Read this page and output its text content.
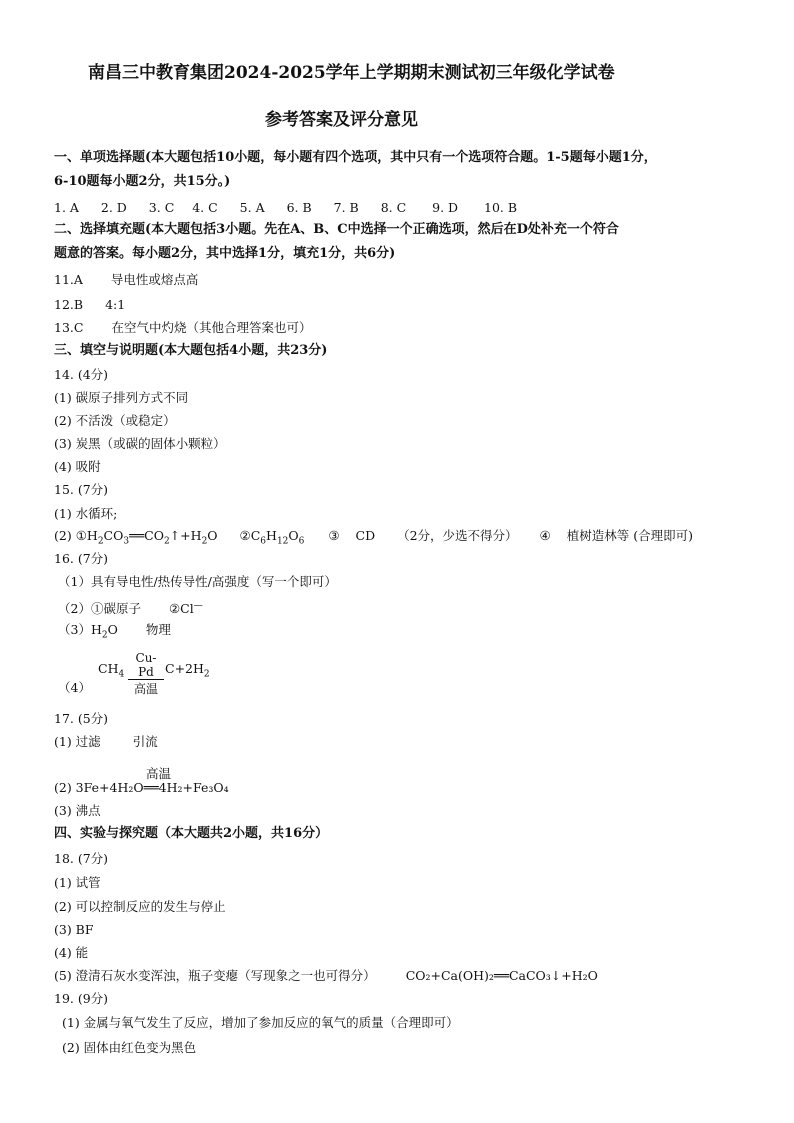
南昌三中教育集团2024-2025学年上学期期末测试初三年级化学试卷
参考答案及评分意见
一、单项选择题(本大题包括10小题，每小题有四个选项，其中只有一个选项符合题。1-5题每小题1分，
6-10题每小题2分，共15分。)
1. A 2. D 3. C 4. C 5. A 6. B 7. B 8. C 9. D 10. B
二、选择填充题(本大题包括3小题。先在A、B、C中选择一个正确选项，然后在D处补充一个符合
题意的答案。每小题2分，其中选择1分，填充1分，共6分)
11.A 导电性或熔点高
12.B 4:1
13.C 在空气中灼烧（其他合理答案也可）
三、填空与说明题(本大题包括4小题，共23分)
14. (4分)
(1) 碳原子排列方式不同
(2) 不活泼（或稳定）
(3) 炭黑（或碳的固体小颗粒）
(4) 吸附
15. (7分)
(1) 水循环;
(2) $①H_2CO_3══CO_2↑+H_2O$ $②C_6H_{12}O_6$ ③ CD （2分，少选不得分） ④ 植树造林等 (合理即可)
16. (7分)
（1）具有导电性/热传导性/高强度（写一个即可）
（2）①碳原子 ②Cl—
$(3)H_2O$ 物理
（4）
$CH_4$
Cu-Pd
高温
$C+2H_2$
17. (5分)
(1) 过滤	引流
高温
(2) 3Fe+4H₂O══4H₂+Fe₃O₄
(3) 沸点
四、实验与探究题（本大题共2小题，共16分）
18. (7分)
(1) 试管
(2) 可以控制反应的发生与停止
(3) BF
(4) 能
(5) 澄清石灰水变浑浊，瓶子变瘪（写现象之一也可得分） CO₂+Ca(OH)₂══CaCO₃↓+H₂O
19. (9分)
(1) 金属与氧气发生了反应，增加了参加反应的氧气的质量（合理即可）
(2) 固体由红色变为黑色
